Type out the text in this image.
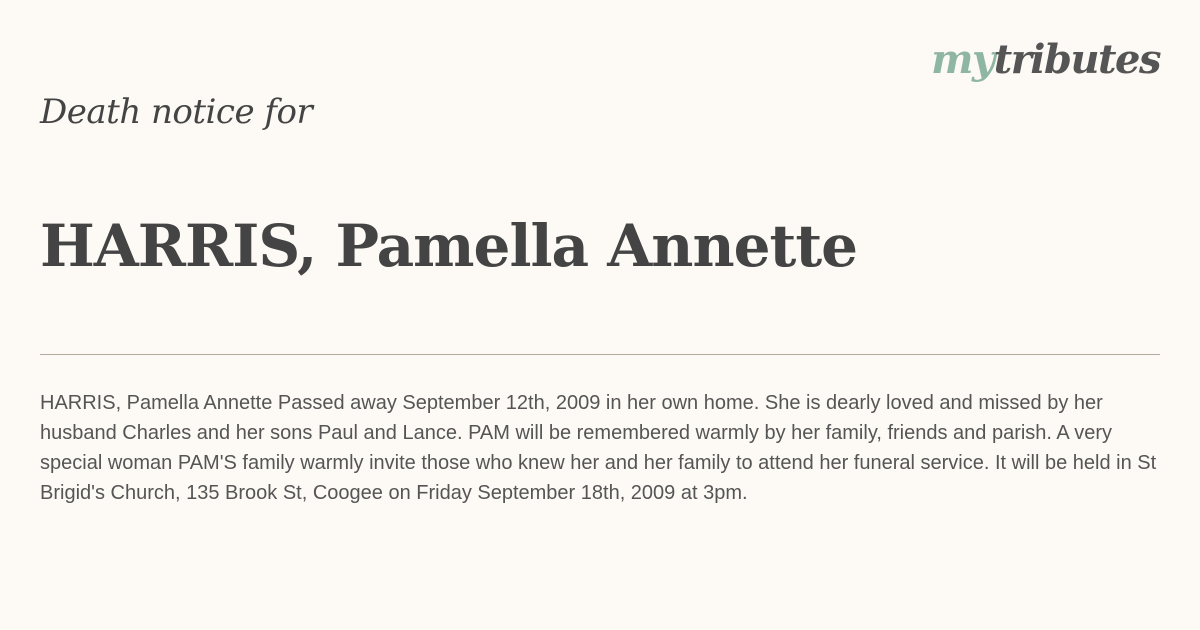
mytributes
Death notice for
HARRIS, Pamella Annette

HARRIS, Pamella Annette Passed away September 12th, 2009 in her own home. She is dearly loved and missed by her husband Charles and her sons Paul and Lance. PAM will be remembered warmly by her family, friends and parish. A very special woman PAM'S family warmly invite those who knew her and her family to attend her funeral service. It will be held in St Brigid's Church, 135 Brook St, Coogee on Friday September 18th, 2009 at 3pm.
